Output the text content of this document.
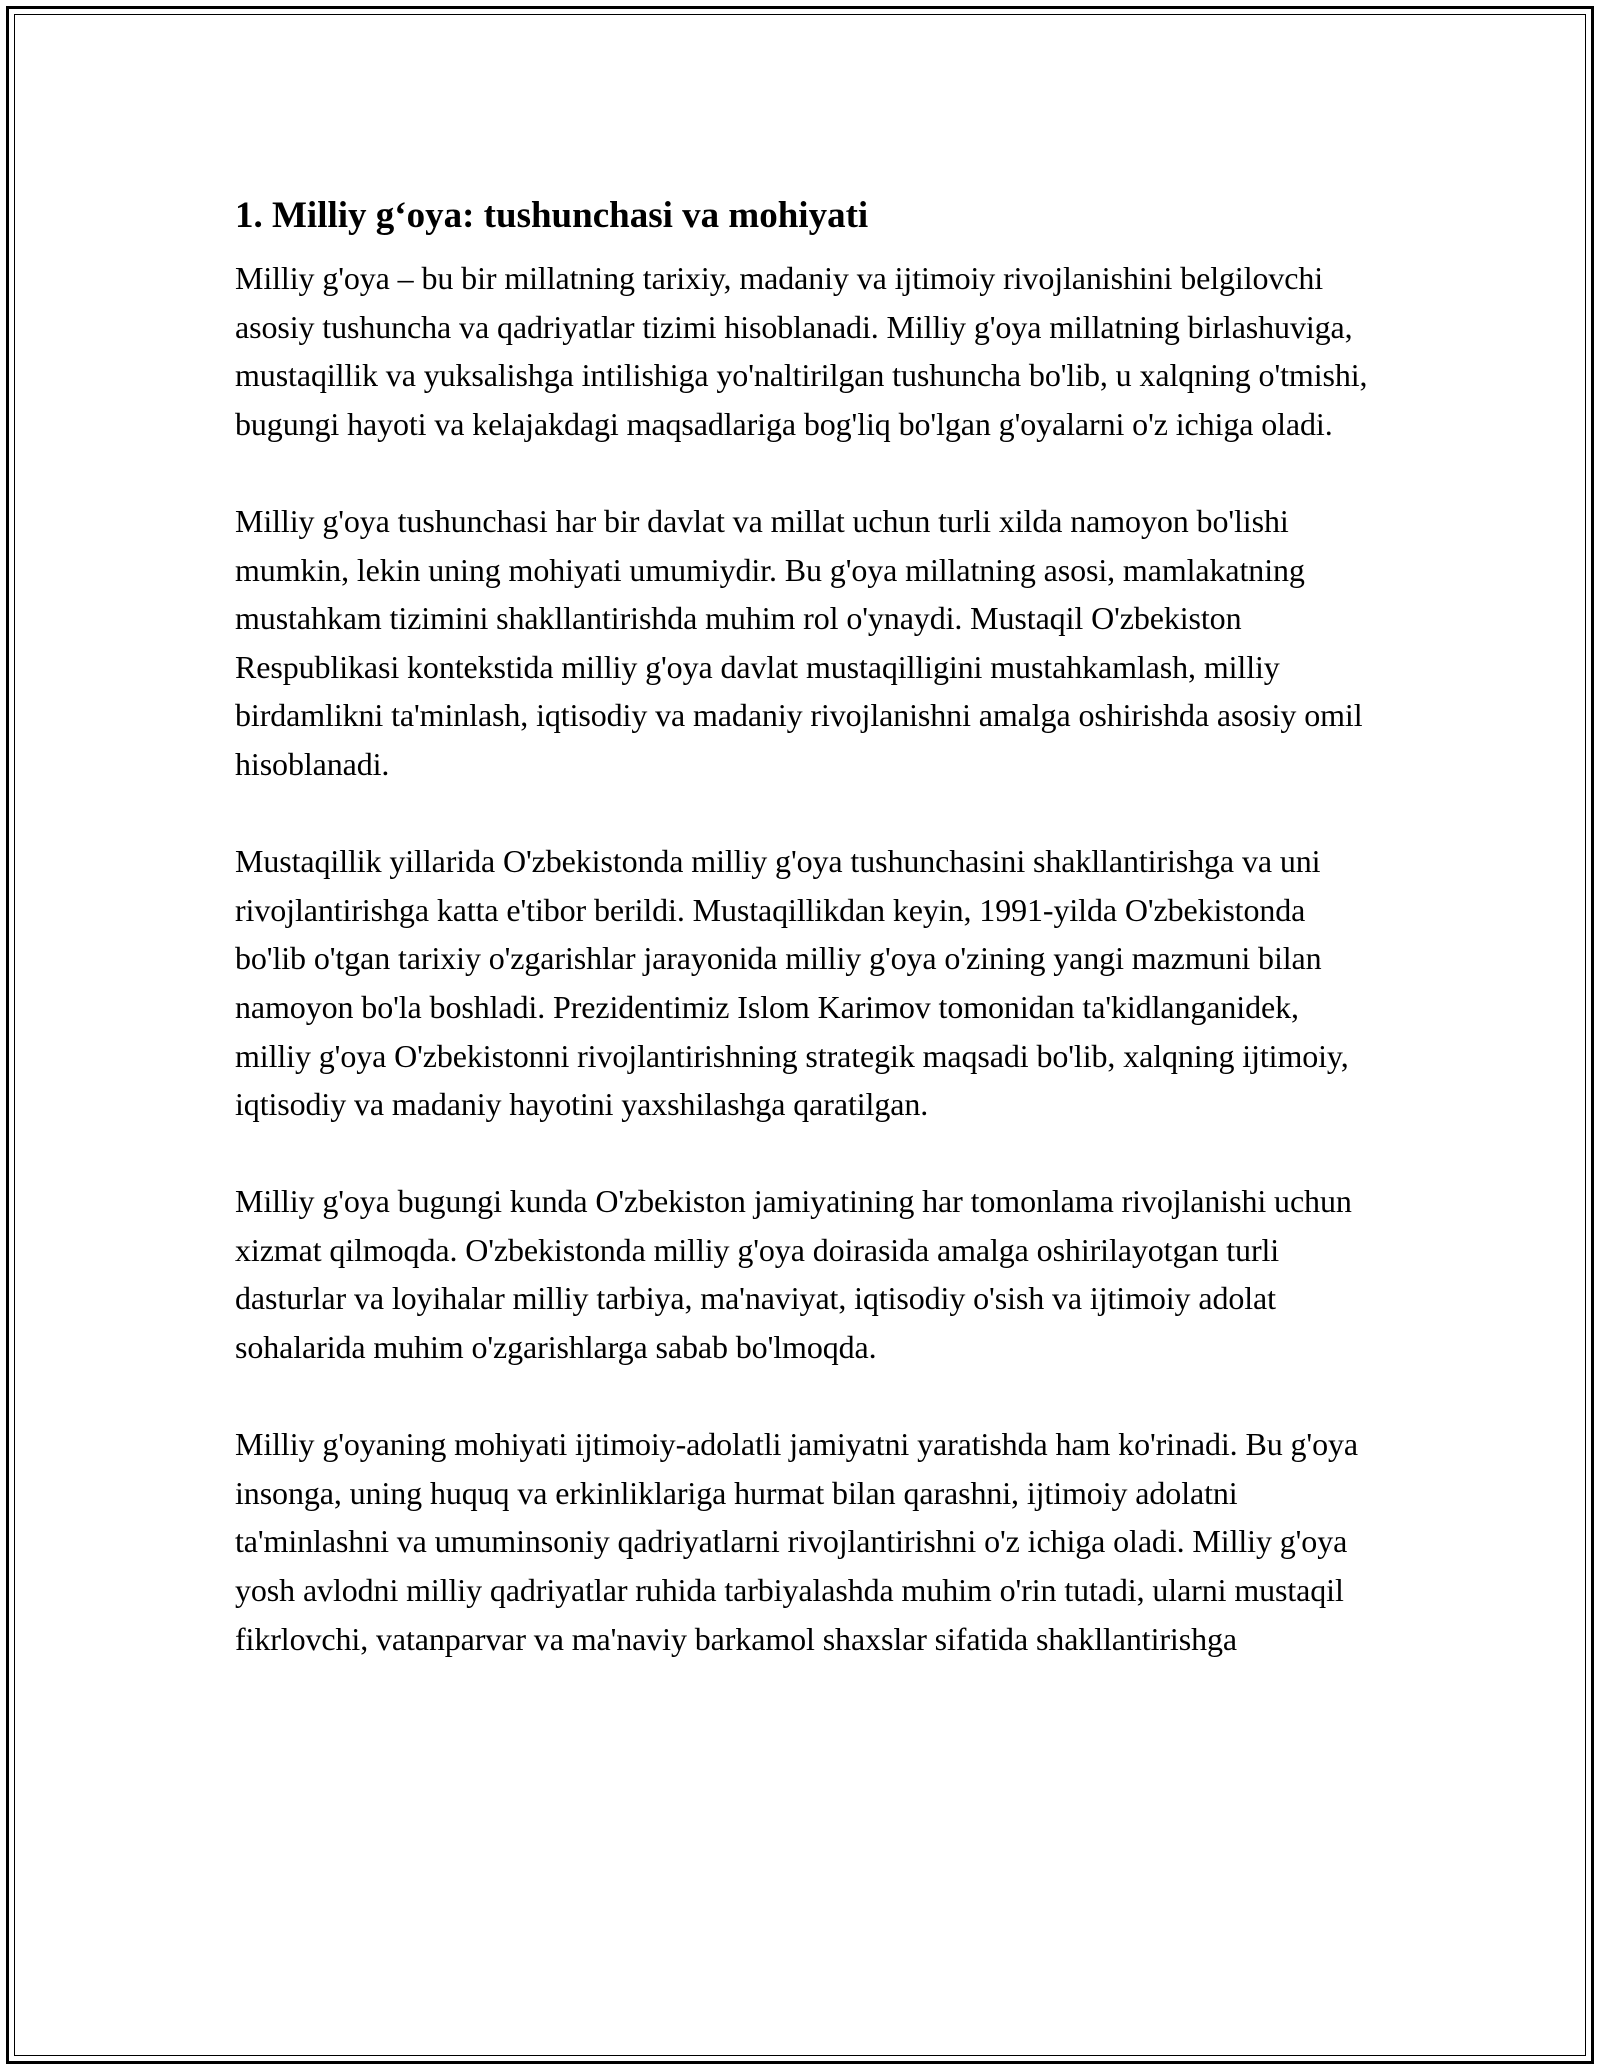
1. Milliy g‘oya: tushunchasi va mohiyati

Milliy g'oya – bu bir millatning tarixiy, madaniy va ijtimoiy rivojlanishini belgilovchi asosiy tushuncha va qadriyatlar tizimi hisoblanadi. Milliy g'oya millatning birlashuviga, mustaqillik va yuksalishga intilishiga yo'naltirilgan tushuncha bo'lib, u xalqning o'tmishi, bugungi hayoti va kelajakdagi maqsadlariga bog'liq bo'lgan g'oyalarni o'z ichiga oladi.

Milliy g'oya tushunchasi har bir davlat va millat uchun turli xilda namoyon bo'lishi mumkin, lekin uning mohiyati umumiydir. Bu g'oya millatning asosi, mamlakatning mustahkam tizimini shakllantirishda muhim rol o'ynaydi. Mustaqil O'zbekiston Respublikasi kontekstida milliy g'oya davlat mustaqilligini mustahkamlash, milliy birdamlikni ta'minlash, iqtisodiy va madaniy rivojlanishni amalga oshirishda asosiy omil hisoblanadi.

Mustaqillik yillarida O'zbekistonda milliy g'oya tushunchasini shakllantirishga va uni rivojlantirishga katta e'tibor berildi. Mustaqillikdan keyin, 1991-yilda O'zbekistonda bo'lib o'tgan tarixiy o'zgarishlar jarayonida milliy g'oya o'zining yangi mazmuni bilan namoyon bo'la boshladi. Prezidentimiz Islom Karimov tomonidan ta'kidlanganidek, milliy g'oya O'zbekistonni rivojlantirishning strategik maqsadi bo'lib, xalqning ijtimoiy, iqtisodiy va madaniy hayotini yaxshilashga qaratilgan.

Milliy g'oya bugungi kunda O'zbekiston jamiyatining har tomonlama rivojlanishi uchun xizmat qilmoqda. O'zbekistonda milliy g'oya doirasida amalga oshirilayotgan turli dasturlar va loyihalar milliy tarbiya, ma'naviyat, iqtisodiy o'sish va ijtimoiy adolat sohalarida muhim o'zgarishlarga sabab bo'lmoqda.

Milliy g'oyaning mohiyati ijtimoiy-adolatli jamiyatni yaratishda ham ko'rinadi. Bu g'oya insonga, uning huquq va erkinliklariga hurmat bilan qarashni, ijtimoiy adolatni ta'minlashni va umuminsoniy qadriyatlarni rivojlantirishni o'z ichiga oladi. Milliy g'oya yosh avlodni milliy qadriyatlar ruhida tarbiyalashda muhim o'rin tutadi, ularni mustaqil fikrlovchi, vatanparvar va ma'naviy barkamol shaxslar sifatida shakllantirishga
